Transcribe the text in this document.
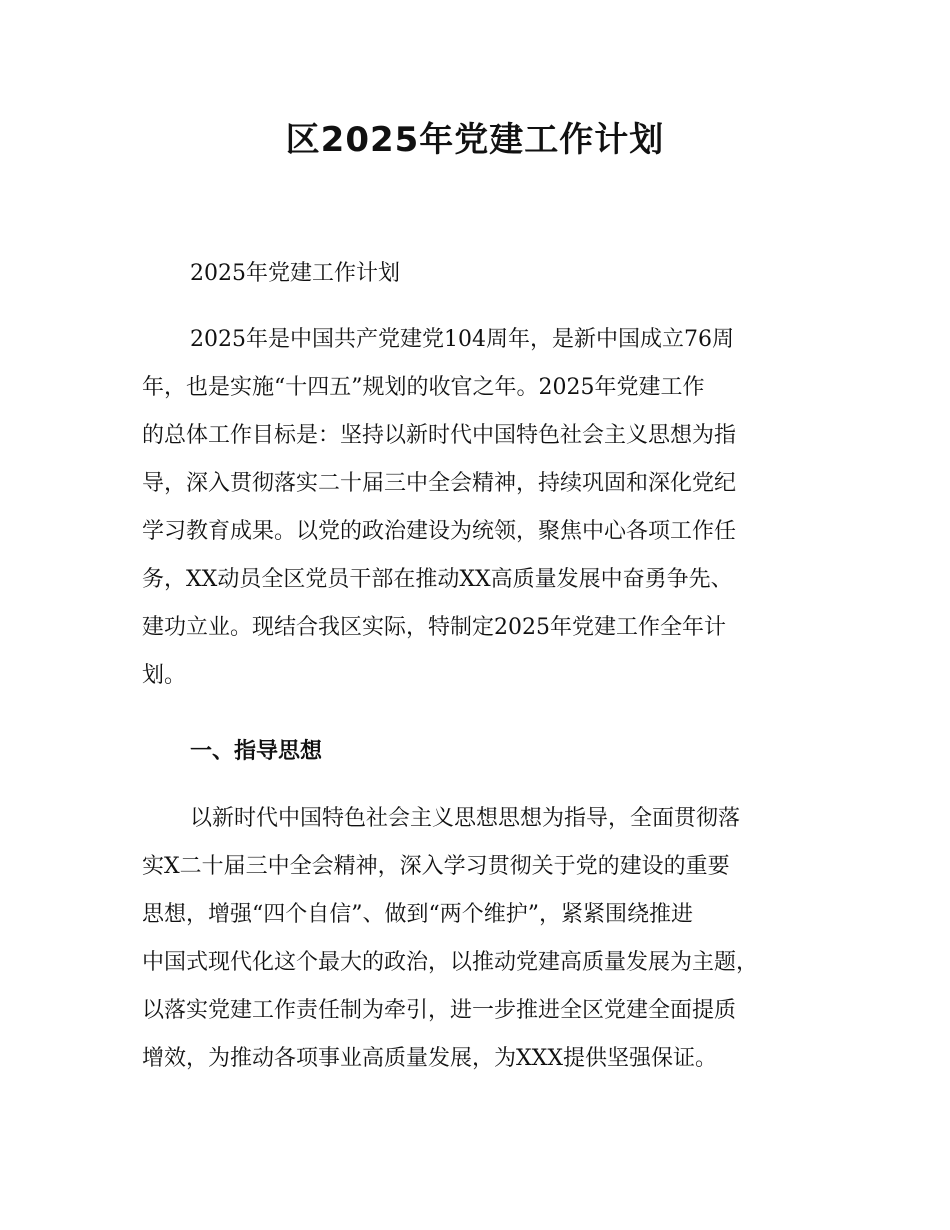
区2025年党建工作计划
2025年党建工作计划
2025年是中国共产党建党104周年，是新中国成立76周
年，也是实施“十四五”规划的收官之年。2025年党建工作
的总体工作目标是：坚持以新时代中国特色社会主义思想为指
导，深入贯彻落实二十届三中全会精神，持续巩固和深化党纪
学习教育成果。以党的政治建设为统领，聚焦中心各项工作任
务，XX动员全区党员干部在推动XX高质量发展中奋勇争先、
建功立业。现结合我区实际，特制定2025年党建工作全年计
划。
一、指导思想
以新时代中国特色社会主义思想思想为指导，全面贯彻落
实X二十届三中全会精神，深入学习贯彻关于党的建设的重要
思想，增强“四个自信”、做到“两个维护”，紧紧围绕推进
中国式现代化这个最大的政治，以推动党建高质量发展为主题，
以落实党建工作责任制为牵引，进一步推进全区党建全面提质
增效，为推动各项事业高质量发展，为XXX提供坚强保证。
